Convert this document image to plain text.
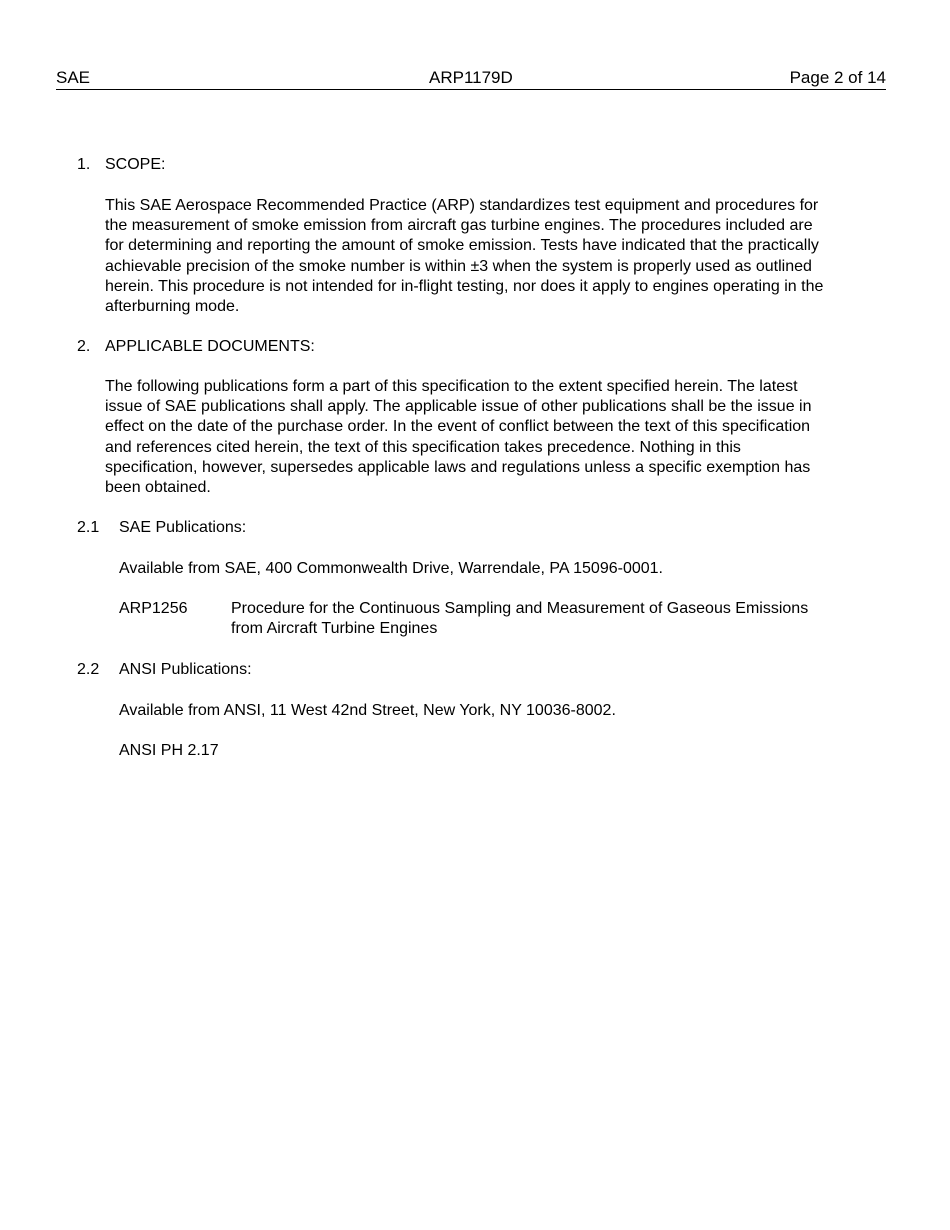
SAE	ARP1179D	Page 2 of 14
1. SCOPE:
This SAE Aerospace Recommended Practice (ARP) standardizes test equipment and procedures for
the measurement of smoke emission from aircraft gas turbine engines. The procedures included are
for determining and reporting the amount of smoke emission. Tests have indicated that the practically
achievable precision of the smoke number is within ±3 when the system is properly used as outlined
herein. This procedure is not intended for in-flight testing, nor does it apply to engines operating in the
afterburning mode.
2. APPLICABLE DOCUMENTS:
The following publications form a part of this specification to the extent specified herein. The latest
issue of SAE publications shall apply. The applicable issue of other publications shall be the issue in
effect on the date of the purchase order. In the event of conflict between the text of this specification
and references cited herein, the text of this specification takes precedence. Nothing in this
specification, however, supersedes applicable laws and regulations unless a specific exemption has
been obtained.
2.1 SAE Publications:
Available from SAE, 400 Commonwealth Drive, Warrendale, PA 15096-0001.
ARP1256	Procedure for the Continuous Sampling and Measurement of Gaseous Emissions
from Aircraft Turbine Engines
2.2 ANSI Publications:
Available from ANSI, 11 West 42nd Street, New York, NY 10036-8002.
ANSI PH 2.17
